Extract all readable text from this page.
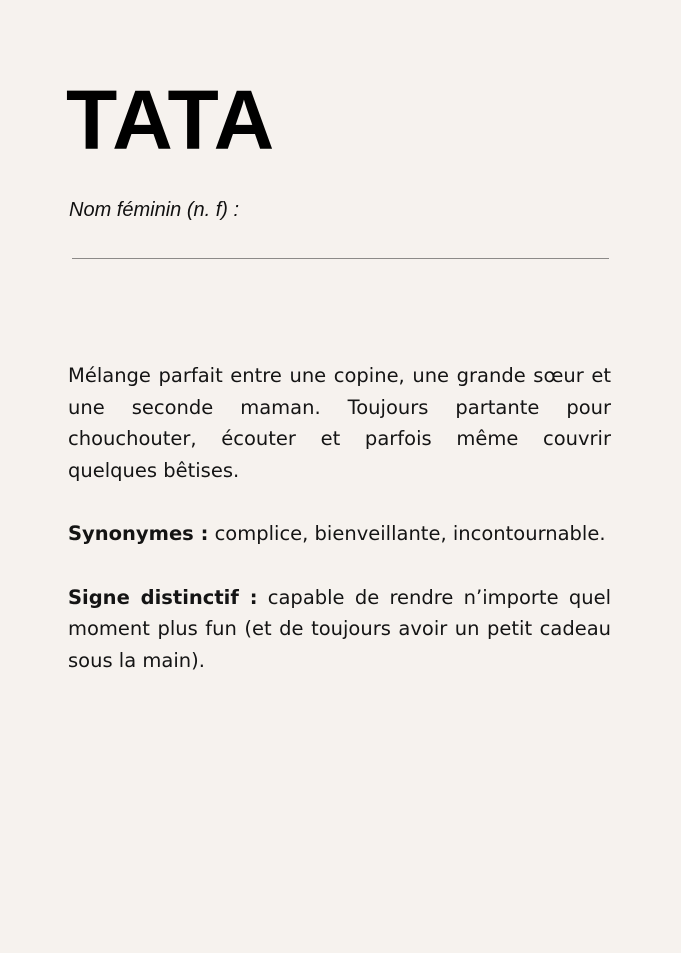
TATA

Nom féminin (n. f) :

Mélange parfait entre une copine, une grande sœur et une seconde maman. Toujours partante pour chouchouter, écouter et parfois même couvrir quelques bêtises.

Synonymes : complice, bienveillante, incontournable.

Signe distinctif : capable de rendre n’importe quel moment plus fun (et de toujours avoir un petit cadeau sous la main).
